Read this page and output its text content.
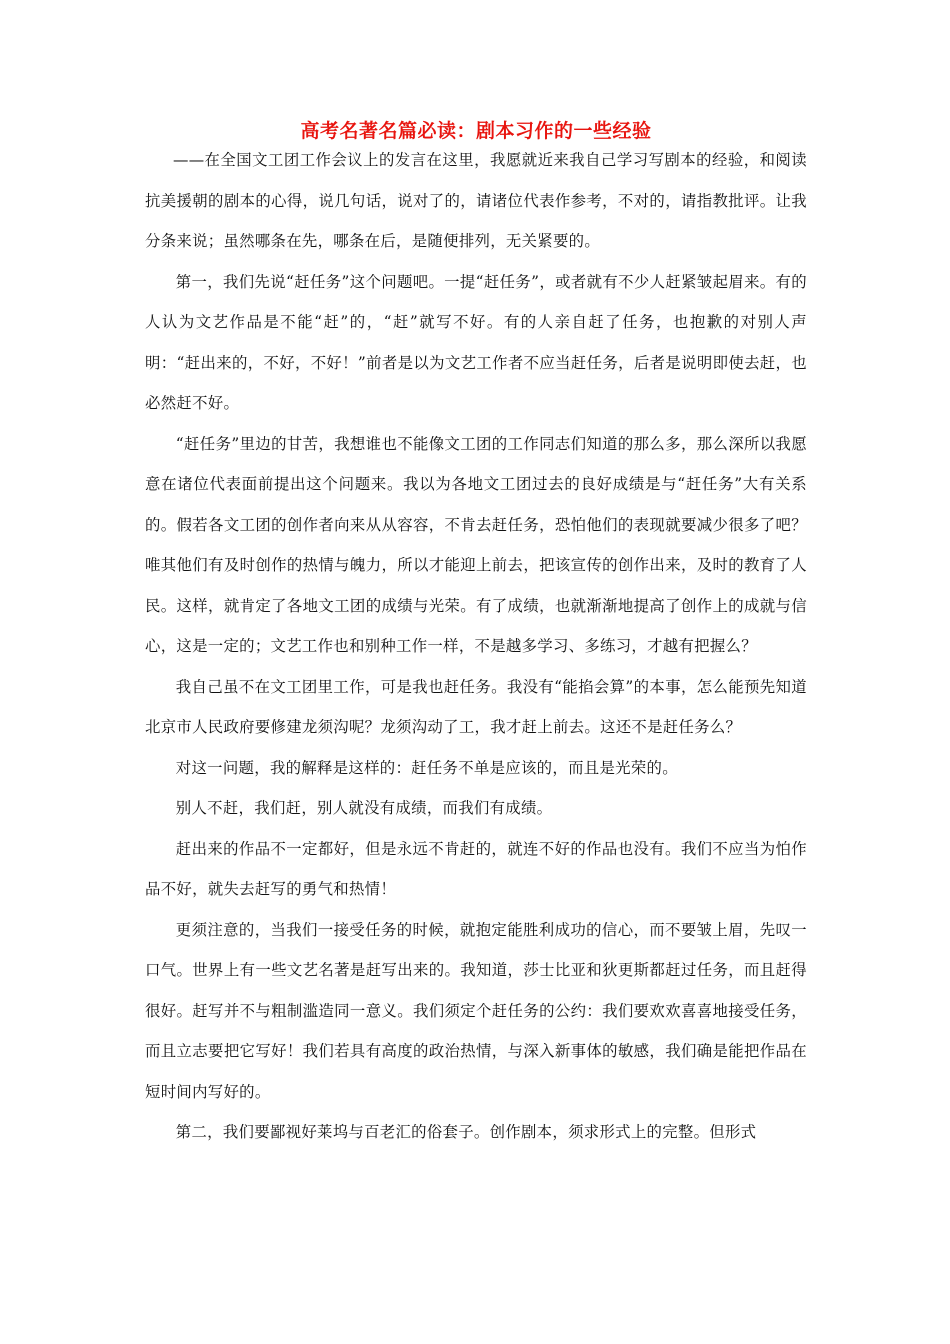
高考名著名篇必读：剧本习作的一些经验

——在全国文工团工作会议上的发言在这里，我愿就近来我自己学习写剧本的经验，和阅读抗美援朝的剧本的心得，说几句话，说对了的，请诸位代表作参考，不对的，请指教批评。让我分条来说；虽然哪条在先，哪条在后，是随便排列，无关紧要的。

第一，我们先说“赶任务”这个问题吧。一提“赶任务”，或者就有不少人赶紧皱起眉来。有的人认为文艺作品是不能“赶”的，“赶”就写不好。有的人亲自赶了任务，也抱歉的对别人声明：“赶出来的，不好，不好！”前者是以为文艺工作者不应当赶任务，后者是说明即使去赶，也必然赶不好。

“赶任务”里边的甘苦，我想谁也不能像文工团的工作同志们知道的那么多，那么深所以我愿意在诸位代表面前提出这个问题来。我以为各地文工团过去的良好成绩是与“赶任务”大有关系的。假若各文工团的创作者向来从从容容，不肯去赶任务，恐怕他们的表现就要减少很多了吧？唯其他们有及时创作的热情与魄力，所以才能迎上前去，把该宣传的创作出来，及时的教育了人民。这样，就肯定了各地文工团的成绩与光荣。有了成绩，也就渐渐地提高了创作上的成就与信心，这是一定的；文艺工作也和别种工作一样，不是越多学习、多练习，才越有把握么？

我自己虽不在文工团里工作，可是我也赶任务。我没有“能掐会算”的本事，怎么能预先知道北京市人民政府要修建龙须沟呢？龙须沟动了工，我才赶上前去。这还不是赶任务么？

对这一问题，我的解释是这样的：赶任务不单是应该的，而且是光荣的。

别人不赶，我们赶，别人就没有成绩，而我们有成绩。

赶出来的作品不一定都好，但是永远不肯赶的，就连不好的作品也没有。我们不应当为怕作品不好，就失去赶写的勇气和热情！

更须注意的，当我们一接受任务的时候，就抱定能胜利成功的信心，而不要皱上眉，先叹一口气。世界上有一些文艺名著是赶写出来的。我知道，莎士比亚和狄更斯都赶过任务，而且赶得很好。赶写并不与粗制滥造同一意义。我们须定个赶任务的公约：我们要欢欢喜喜地接受任务，而且立志要把它写好！我们若具有高度的政治热情，与深入新事体的敏感，我们确是能把作品在短时间内写好的。

第二，我们要鄙视好莱坞与百老汇的俗套子。创作剧本，须求形式上的完整。但形式
